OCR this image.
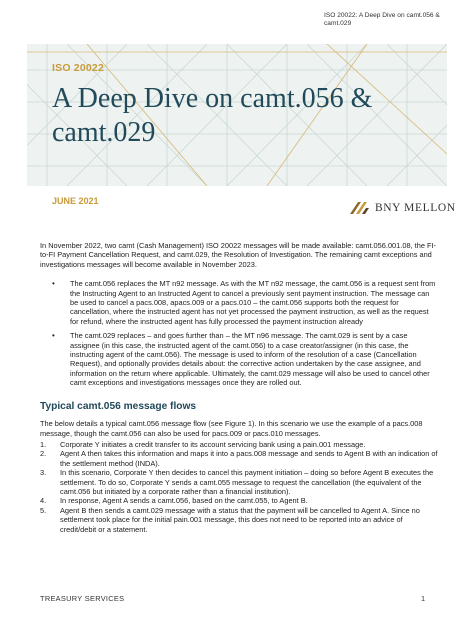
ISO 20022: A Deep Dive on camt.056 & camt.029
ISO 20022
A Deep Dive on camt.056 & camt.029
JUNE 2021
BNY MELLON

In November 2022, two camt (Cash Management) ISO 20022 messages will be made available: camt.056.001.08, the FI-to-FI Payment Cancellation Request, and camt.029, the Resolution of Investigation. The remaining camt exceptions and investigations messages will become available in November 2023.

• The camt.056 replaces the MT n92 message. As with the MT n92 message, the camt.056 is a request sent from the Instructing Agent to an Instructed Agent to cancel a previously sent payment instruction. The message can be used to cancel a pacs.008, apacs.009 or a pacs.010 – the camt.056 supports both the request for cancellation, where the instructed agent has not yet processed the payment instruction, as well as the request for refund, where the instructed agent has fully processed the payment instruction already
• The camt.029 replaces – and goes further than – the MT n96 message. The camt.029 is sent by a case assignee (in this case, the instructed agent of the camt.056) to a case creator/assigner (in this case, the instructing agent of the camt.056). The message is used to inform of the resolution of a case (Cancellation Request), and optionally provides details about: the corrective action undertaken by the case assignee, and information on the return where applicable. Ultimately, the camt.029 message will also be used to cancel other camt exceptions and investigations messages once they are rolled out.
Typical camt.056 message flows

The below details a typical camt.056 message flow (see Figure 1). In this scenario we use the example of a pacs.008 message, though the camt.056 can also be used for pacs.009 or pacs.010 messages.

1. Corporate Y initiates a credit transfer to its account servicing bank using a pain.001 message.
2. Agent A then takes this information and maps it into a pacs.008 message and sends to Agent B with an indication of the settlement method (INDA).
3. In this scenario, Corporate Y then decides to cancel this payment initiation – doing so before Agent B executes the settlement. To do so, Corporate Y sends a camt.055 message to request the cancellation (the equivalent of the camt.056 but initiated by a corporate rather than a financial institution).
4. In response, Agent A sends a camt.056, based on the camt.055, to Agent B.
5. Agent B then sends a camt.029 message with a status that the payment will be cancelled to Agent A. Since no settlement took place for the initial pain.001 message, this does not need to be reported into an advice of credit/debit or a statement.
TREASURY SERVICES	1
